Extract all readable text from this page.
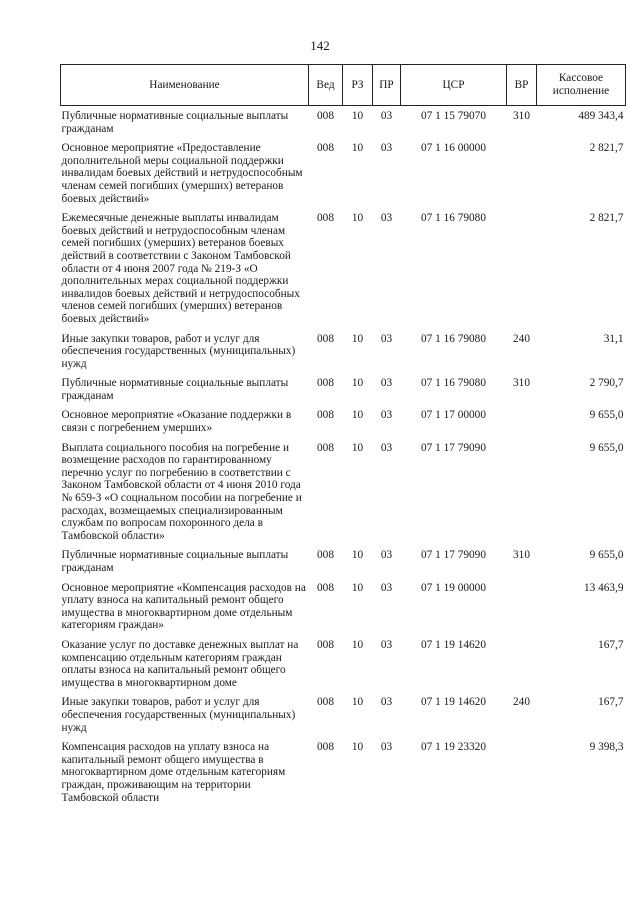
142
Наименование	Вед	РЗ	ПР	ЦСР	ВР	Кассовое исполнение
Публичные нормативные социальные выплаты гражданам	008	10	03	07 1 15 79070	310	489 343,4
Основное мероприятие «Предоставление дополнительной меры социальной поддержки инвалидам боевых действий и нетрудоспособным членам семей погибших (умерших) ветеранов боевых действий»	008	10	03	07 1 16 00000		2 821,7
Ежемесячные денежные выплаты инвалидам боевых действий и нетрудоспособным членам семей погибших (умерших) ветеранов боевых действий в соответствии с Законом Тамбовской области от 4 июня 2007 года № 219-З «О дополнительных мерах социальной поддержки инвалидов боевых действий и нетрудоспособных членов семей погибших (умерших) ветеранов боевых действий»	008	10	03	07 1 16 79080		2 821,7
Иные закупки товаров, работ и услуг для обеспечения государственных (муниципальных) нужд	008	10	03	07 1 16 79080	240	31,1
Публичные нормативные социальные выплаты гражданам	008	10	03	07 1 16 79080	310	2 790,7
Основное мероприятие «Оказание поддержки в связи с погребением умерших»	008	10	03	07 1 17 00000		9 655,0
Выплата социального пособия на погребение и возмещение расходов по гарантированному перечню услуг по погребению в соответствии с Законом Тамбовской области от 4 июня 2010 года № 659-З «О социальном пособии на погребение и расходах, возмещаемых специализированным службам по вопросам похоронного дела в Тамбовской области»	008	10	03	07 1 17 79090		9 655,0
Публичные нормативные социальные выплаты гражданам	008	10	03	07 1 17 79090	310	9 655,0
Основное мероприятие «Компенсация расходов на уплату взноса на капитальный ремонт общего имущества в многоквартирном доме отдельным категориям граждан»	008	10	03	07 1 19 00000		13 463,9
Оказание услуг по доставке денежных выплат на компенсацию отдельным категориям граждан оплаты взноса на капитальный ремонт общего имущества в многоквартирном доме	008	10	03	07 1 19 14620		167,7
Иные закупки товаров, работ и услуг для обеспечения государственных (муниципальных) нужд	008	10	03	07 1 19 14620	240	167,7
Компенсация расходов на уплату взноса на капитальный ремонт общего имущества в многоквартирном доме отдельным категориям граждан, проживающим на территории Тамбовской области	008	10	03	07 1 19 23320		9 398,3
